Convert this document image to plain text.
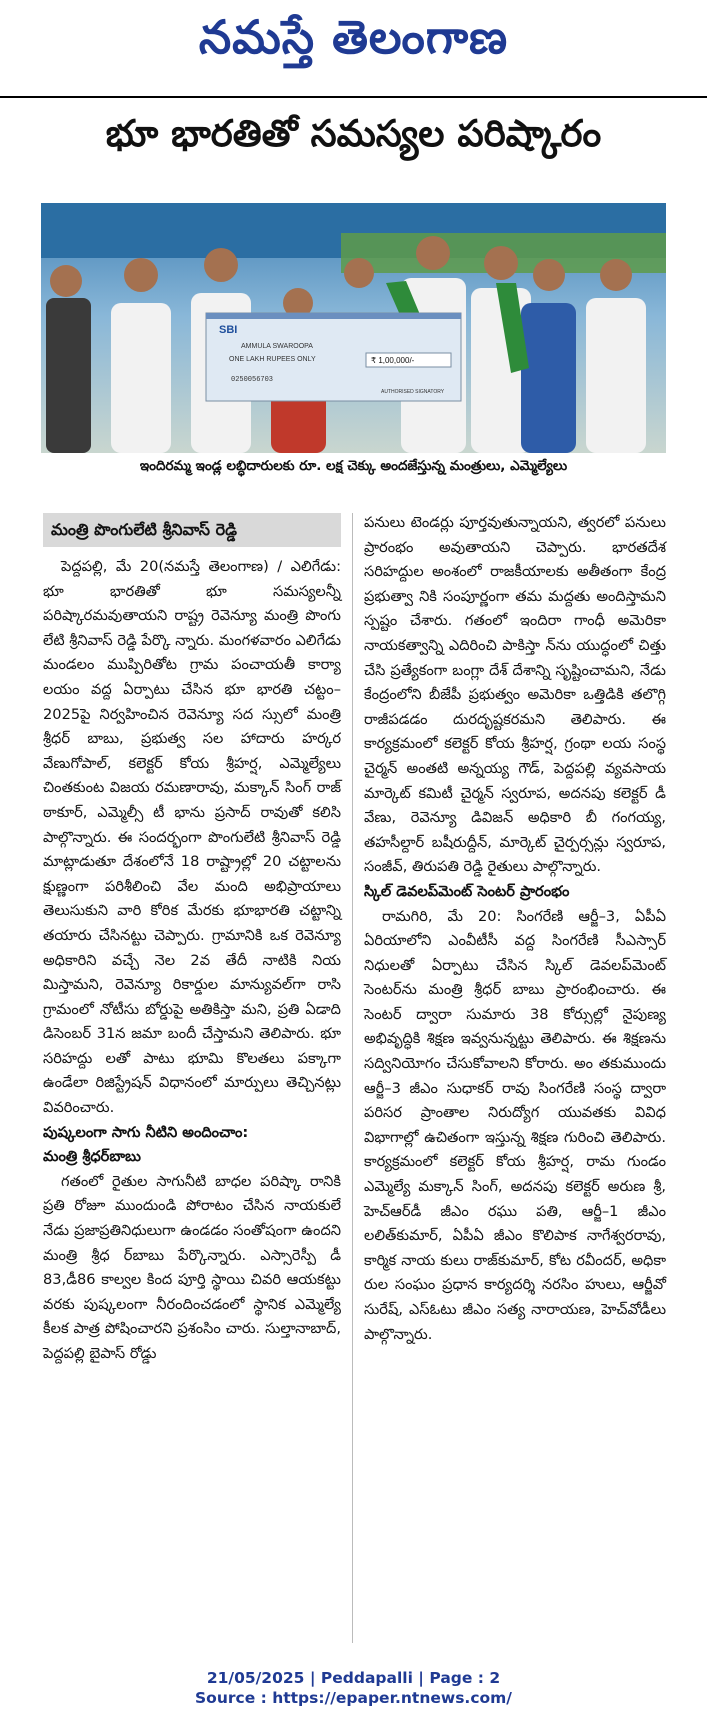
నమస్తే తెలంగాణ
భూ భారతితో సమస్యల పరిష్కారం
SBI
AMMULA SWAROOPA
ONE LAKH RUPEES ONLY	₹ 1,00,000/-
0250056703
AUTHORISED SIGNATORY
ఇందిరమ్మ ఇండ్ల లబ్ధిదారులకు రూ. లక్ష చెక్కు అందజేస్తున్న మంత్రులు, ఎమ్మెల్యేలు
మంత్రి పొంగులేటి శ్రీనివాస్ రెడ్డి

పెద్దపల్లి, మే 20(నమస్తే తెలంగాణ) / ఎలిగేడు: భూ భారతితో భూ సమస్యలన్నీ పరిష్కారమవుతాయని రాష్ట్ర రెవెన్యూ మంత్రి పొంగు లేటి శ్రీనివాస్ రెడ్డి పేర్కొ న్నారు. మంగళవారం ఎలిగేడు మండలం ముప్పిరితోట గ్రామ పంచాయతీ కార్యా లయం వద్ద ఏర్పాటు చేసిన భూ భారతి చట్టం–2025పై నిర్వహించిన రెవెన్యూ సద స్సులో మంత్రి శ్రీధర్ బాబు, ప్రభుత్వ సల హాదారు హర్కర వేణుగోపాల్, కలెక్టర్ కోయ శ్రీహర్ష, ఎమ్మెల్యేలు చింతకుంట విజయ రమణారావు, మక్కాన్ సింగ్ రాజ్ ఠాకూర్, ఎమ్మెల్సీ టీ భాను ప్రసాద్ రావుతో కలిసి పాల్గొన్నారు. ఈ సందర్భంగా పొంగులేటి శ్రీనివాస్ రెడ్డి మాట్లాడుతూ దేశంలోనే 18 రాష్ట్రాల్లో 20 చట్టాలను క్షుణ్ణంగా పరిశీలించి వేల మంది అభిప్రాయాలు తెలుసుకుని వారి కోరిక మేరకు భూభారతి చట్టాన్ని తయారు చేసినట్టు చెప్పారు. గ్రామానికి ఒక రెవెన్యూ అధికారిని వచ్చే నెల 2వ తేదీ నాటికి నియ మిస్తామని, రెవెన్యూ రికార్డుల మాన్యువల్‌గా రాసి గ్రామంలో నోటీసు బోర్డుపై అతికిస్తా మని, ప్రతి ఏడాది డిసెంబర్ 31న జమా బందీ చేస్తామని తెలిపారు. భూ సరిహద్దు లతో పాటు భూమి కొలతలు పక్కాగా ఉండేలా రిజిస్ట్రేషన్ విధానంలో మార్పులు తెచ్చినట్లు వివరించారు.

పుష్కలంగా సాగు నీటిని అందించాం:

మంత్రి శ్రీధర్‌బాబు

గతంలో రైతుల సాగునీటి బాధల పరిష్కా రానికి ప్రతి రోజూ ముందుండి పోరాటం చేసిన నాయకులే నేడు ప్రజాప్రతినిధులుగా ఉండడం సంతోషంగా ఉందని మంత్రి శ్రీధ ర్‌బాబు పేర్కొన్నారు. ఎస్సారెస్పీ డీ 83,డీ86 కాల్వల కింద పూర్తి స్థాయి చివరి ఆయకట్టు వరకు పుష్కలంగా నీరందించడంలో స్థానిక ఎమ్మెల్యే కీలక పాత్ర పోషించారని ప్రశంసిం చారు. సుల్తానాబాద్, పెద్దపల్లి బైపాస్ రోడ్డు

పనులు టెండర్లు పూర్తవుతున్నాయని, త్వరలో పనులు ప్రారంభం అవుతాయని చెప్పారు. భారతదేశ సరిహద్దుల అంశంలో రాజకీయాలకు అతీతంగా కేంద్ర ప్రభుత్వా నికి సంపూర్ణంగా తమ మద్దతు అందిస్తామని స్పష్టం చేశారు. గతంలో ఇందిరా గాంధీ అమెరికా నాయకత్వాన్ని ఎదిరించి పాకిస్తా న్‌ను యుద్ధంలో చిత్తు చేసి ప్రత్యేకంగా బంగ్లా దేశ్ దేశాన్ని సృష్టించామని, నేడు కేంద్రంలోని బీజేపీ ప్రభుత్వం అమెరికా ఒత్తిడికి తలొగ్గి రాజీపడడం దురదృష్టకరమని తెలిపారు. ఈ కార్యక్రమంలో కలెక్టర్ కోయ శ్రీహర్ష, గ్రంథా లయ సంస్థ చైర్మన్ అంతటి అన్నయ్య గౌడ్, పెద్దపల్లి వ్యవసాయ మార్కెట్ కమిటీ చైర్మన్ స్వరూప, అదనపు కలెక్టర్ డీ వేణు, రెవెన్యూ డివిజన్ అధికారి బీ గంగయ్య, తహసీల్దార్ బషీరుద్దీన్, మార్కెట్ చైర్పర్సన్లు స్వరూప, సంజీవ్, తిరుపతి రెడ్డి రైతులు పాల్గొన్నారు.

స్కిల్ డెవలప్‌మెంట్ సెంటర్ ప్రారంభం

రామగిరి, మే 20: సింగరేణి ఆర్జీ–3, ఏపీఏ ఏరియాలోని ఎంవీటీసీ వద్ద సింగరేణి సీఎస్సార్ నిధులతో ఏర్పాటు చేసిన స్కిల్ డెవలప్‌మెంట్ సెంటర్‌ను మంత్రి శ్రీధర్ బాబు ప్రారంభించారు. ఈ సెంటర్ ద్వారా సుమారు 38 కోర్సుల్లో నైపుణ్య అభివృద్ధికి శిక్షణ ఇవ్వనున్నట్టు తెలిపారు. ఈ శిక్షణను సద్వినియోగం చేసుకోవాలని కోరారు. అం తకుముందు ఆర్జీ–3 జీఎం సుధాకర్ రావు సింగరేణి సంస్థ ద్వారా పరిసర ప్రాంతాల నిరుద్యోగ యువతకు వివిధ విభాగాల్లో ఉచితంగా ఇస్తున్న శిక్షణ గురించి తెలిపారు. కార్యక్రమంలో కలెక్టర్ కోయ శ్రీహర్ష, రామ గుండం ఎమ్మెల్యే మక్కాన్ సింగ్, అదనపు కలెక్టర్ అరుణ శ్రీ, హెచ్‌ఆర్‌డీ జీఎం రఘు పతి, ఆర్జీ–1 జీఎం లలిత్‌కుమార్, ఏపీఏ జీఎం కొలిపాక నాగేశ్వరరావు, కార్మిక నాయ కులు రాజ్‌కుమార్, కోట రవీందర్, అధికా రుల సంఘం ప్రధాన కార్యదర్శి నరసిం హులు, ఆర్జీవో సురేష్, ఎస్‌ఓటు జీఎం సత్య నారాయణ, హెచ్‌వోడీలు పాల్గొన్నారు.

21/05/2025 | Peddapalli | Page : 2
Source : https://epaper.ntnews.com/
